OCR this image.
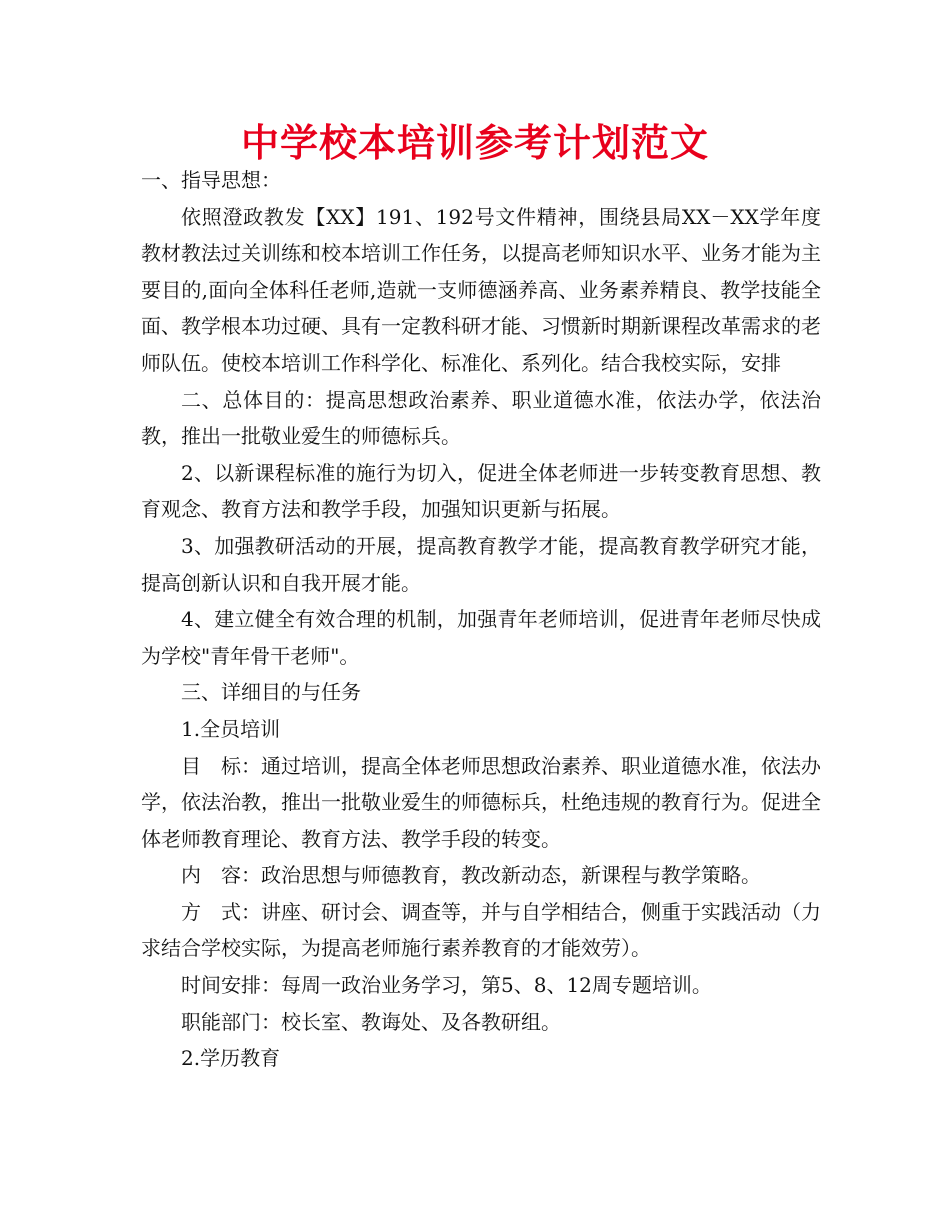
中学校本培训参考计划范文

一、指导思想：

依照澄政教发【XX】191、192号文件精神，围绕县局XX－XX学年度教材教法过关训练和校本培训工作任务，以提高老师知识水平、业务才能为主要目的,面向全体科任老师,造就一支师德涵养高、业务素养精良、教学技能全面、教学根本功过硬、具有一定教科研才能、习惯新时期新课程改革需求的老师队伍。使校本培训工作科学化、标准化、系列化。结合我校实际，安排

二、总体目的：提高思想政治素养、职业道德水准，依法办学，依法治教，推出一批敬业爱生的师德标兵。

2、以新课程标准的施行为切入，促进全体老师进一步转变教育思想、教育观念、教育方法和教学手段，加强知识更新与拓展。

3、加强教研活动的开展，提高教育教学才能，提高教育教学研究才能，提高创新认识和自我开展才能。

4、建立健全有效合理的机制，加强青年老师培训，促进青年老师尽快成为学校"青年骨干老师"。

三、详细目的与任务

1.全员培训

目　标：通过培训，提高全体老师思想政治素养、职业道德水准，依法办学，依法治教，推出一批敬业爱生的师德标兵，杜绝违规的教育行为。促进全体老师教育理论、教育方法、教学手段的转变。

内　容：政治思想与师德教育，教改新动态，新课程与教学策略。

方　式：讲座、研讨会、调查等，并与自学相结合，侧重于实践活动（力求结合学校实际，为提高老师施行素养教育的才能效劳）。

时间安排：每周一政治业务学习，第5、8、12周专题培训。

职能部门：校长室、教诲处、及各教研组。

2.学历教育
